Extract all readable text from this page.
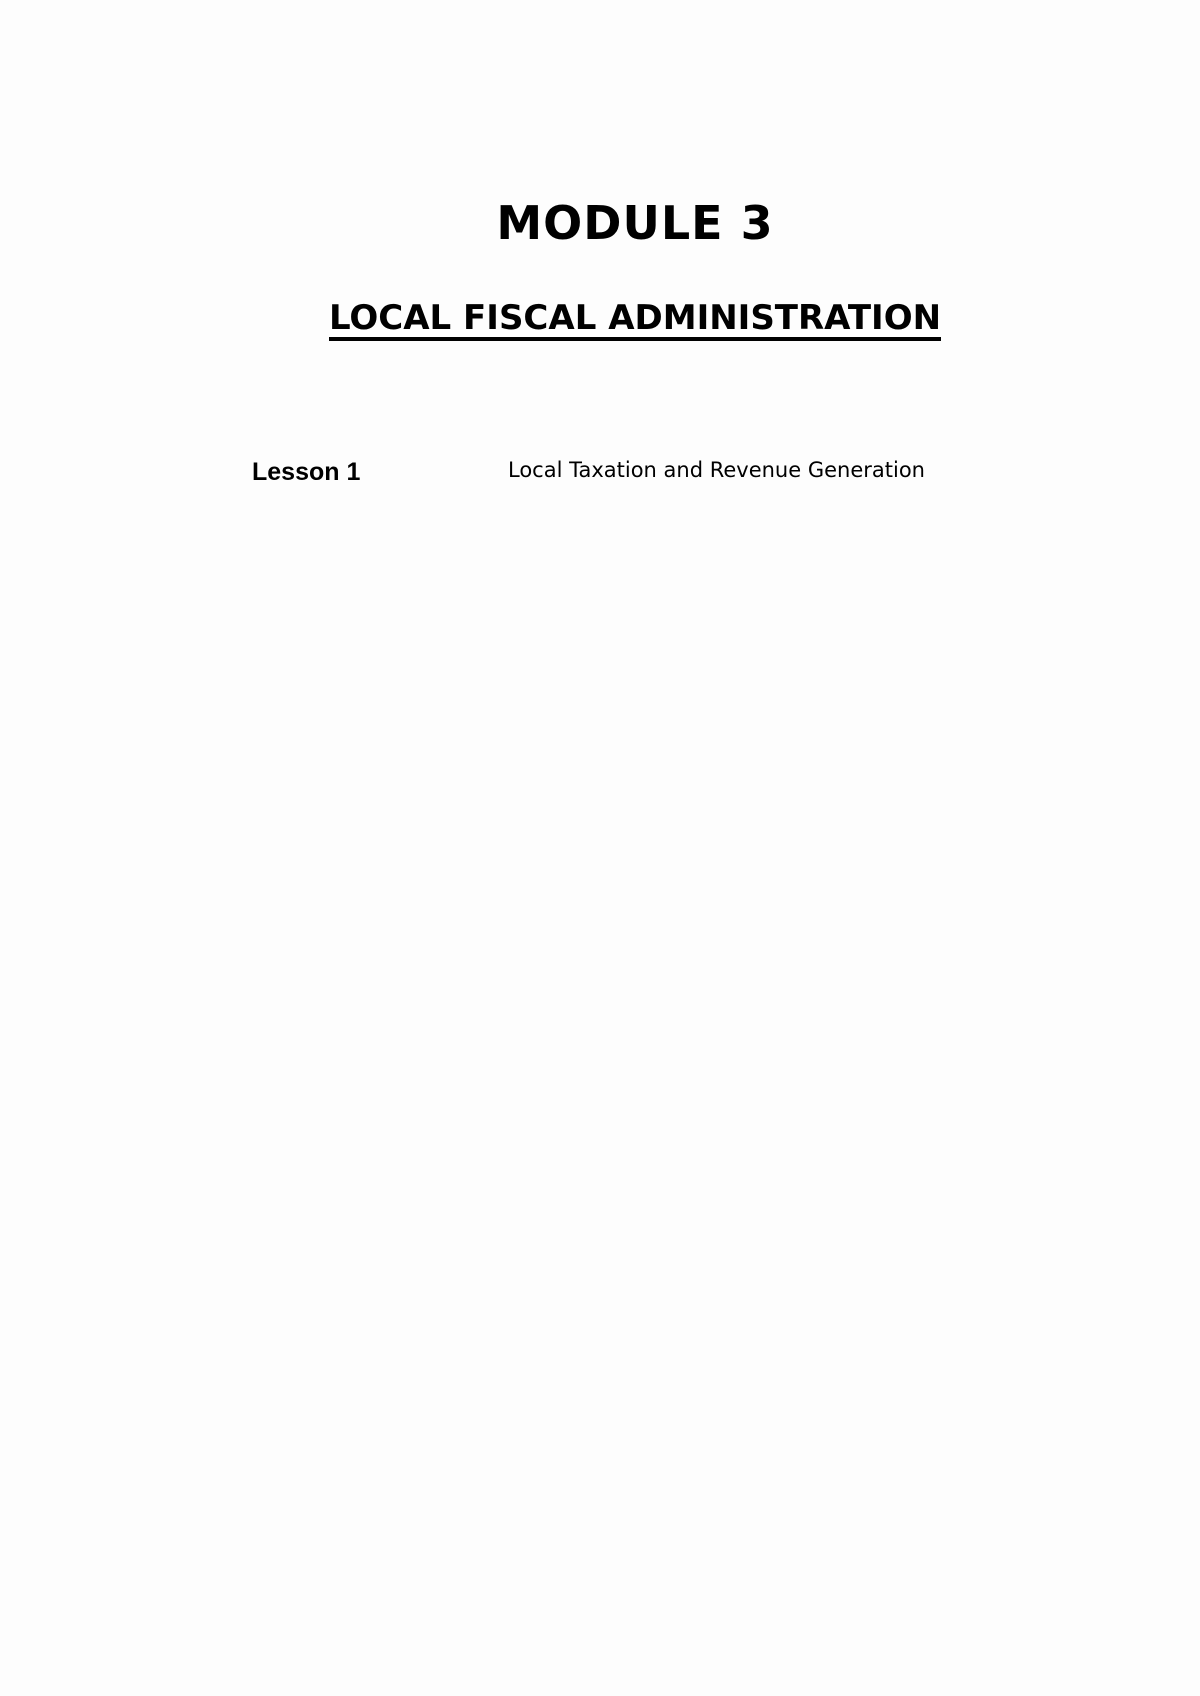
MODULE 3
LOCAL FISCAL ADMINISTRATION
Lesson 1	Local Taxation and Revenue Generation
